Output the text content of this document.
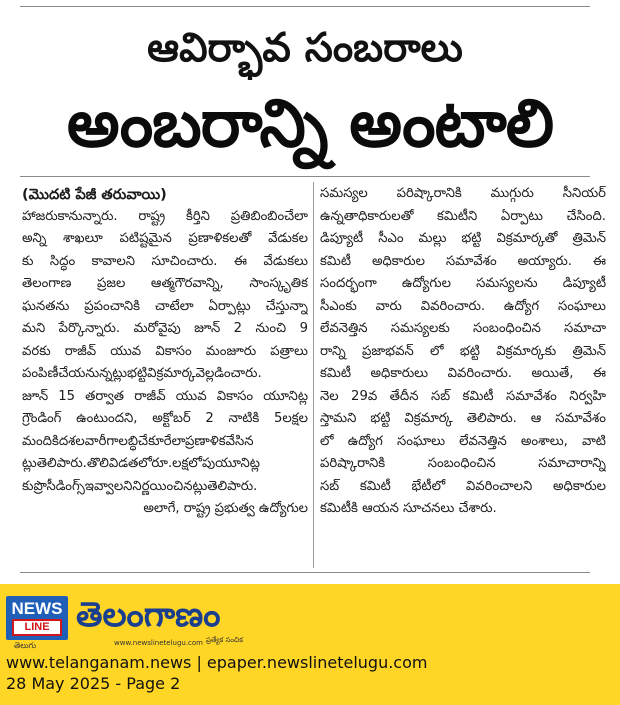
ఆవిర్భావ సంబరాలు
అంబరాన్ని అంటాలి

(మొదటి పేజీ తరువాయి)

హాజరుకానున్నారు. రాష్ట్ర కీర్తిని ప్రతిబింబించేలా

అన్ని శాఖలూ పటిష్టమైన ప్రణాళికలతో వేడుకల

కు సిద్ధం కావాలని సూచించారు. ఈ వేడుకలు

తెలంగాణ ప్రజల ఆత్మగౌరవాన్ని, సాంస్కృతిక

ఘనతను ప్రపంచానికి చాటేలా ఏర్పాట్లు చేస్తున్నా

మని పేర్కొన్నారు. మరోవైపు జూన్ 2 నుంచి 9

వరకు రాజీవ్ యువ వికాసం మంజూరు పత్రాలు

పంపిణీచేయనున్నట్లుభట్టివిక్రమార్కవెల్లడించారు.

జూన్ 15 తర్వాత రాజీవ్ యువ వికాసం యూనిట్ల

గ్రౌండింగ్ ఉంటుందని, అక్టోబర్ 2 నాటికి 5లక్షల

మందికిదశలవారీగాలబ్ధిచేకూరేలాప్రణాళికవేసిన

ట్లుతెలిపారు.తొలివిడతలోరూ.లక్షలోపుయూనిట్ల

కుప్రొసీడింగ్స్ఇవ్వాలనినిర్ణయించినట్లుతెలిపారు.

అలాగే, రాష్ట్ర ప్రభుత్వ ఉద్యోగుల

సమస్యల పరిష్కారానికి ముగ్గురు సీనియర్

ఉన్నతాధికారులతో కమిటీని ఏర్పాటు చేసింది.

డిప్యూటీ సీఎం మల్లు భట్టి విక్రమార్కతో త్రిమెన్

కమిటీ అధికారుల సమావేశం అయ్యారు. ఈ

సందర్భంగా ఉద్యోగుల సమస్యలను డిప్యూటీ

సీఎంకు వారు వివరించారు. ఉద్యోగ సంఘాలు

లేవనెత్తిన సమస్యలకు సంబంధించిన సమాచా

రాన్ని ప్రజాభవన్ లో భట్టి విక్రమార్కకు త్రిమెన్

కమిటీ అధికారులు వివరించారు. అయితే, ఈ

నెల 29వ తేదీన సబ్ కమిటీ సమావేశం నిర్వహి

స్తామని భట్టి విక్రమార్క తెలిపారు. ఆ సమావేశం

లో ఉద్యోగ సంఘాలు లేవనెత్తిన అంశాలు, వాటి

పరిష్కారానికి సంబంధించిన సమాచారాన్ని

సబ్ కమిటీ భేటీలో వివరించాలని అధికారుల

కమిటీకి ఆయన సూచనలు చేశారు.

NEWS
LINE
తెలుగు
తెలంగాణం
www.newslinetelugu.com ప్రత్యేక సంచిక
www.telanganam.news | epaper.newslinetelugu.com
28 May 2025 - Page 2
